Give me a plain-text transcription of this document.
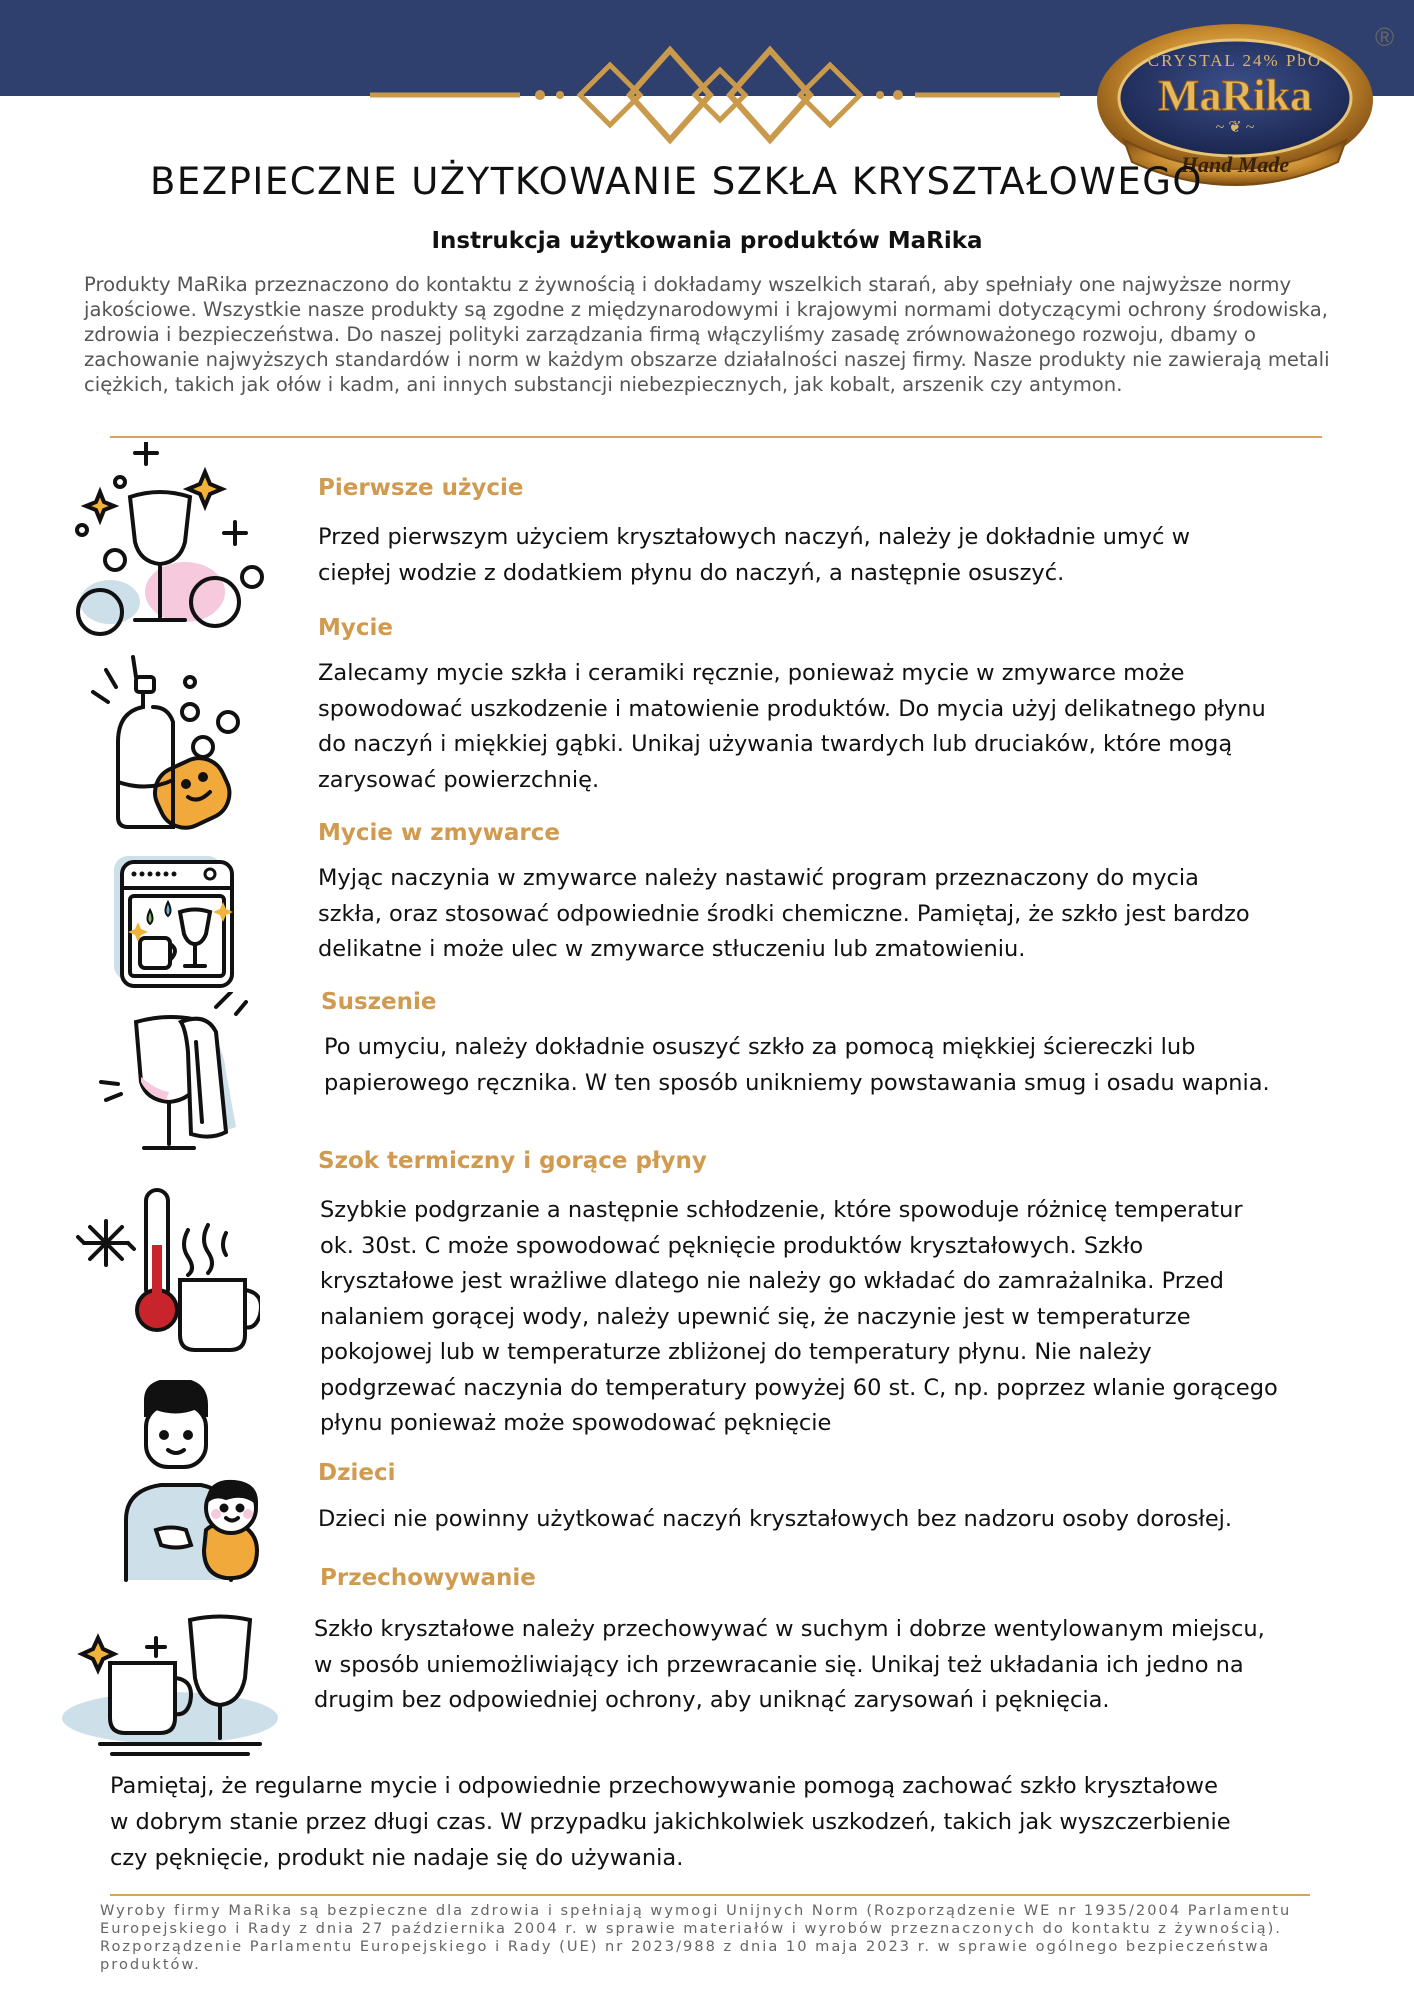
CRYSTAL 24% PbO
MaRika
~ ❦ ~
Hand Made
®
BEZPIECZNE UŻYTKOWANIE SZKŁA KRYSZTAŁOWEGO
Instrukcja użytkowania produktów MaRika
Produkty MaRika przeznaczono do kontaktu z żywnością i dokładamy wszelkich starań, aby spełniały one najwyższe normy jakościowe. Wszystkie nasze produkty są zgodne z międzynarodowymi i krajowymi normami dotyczącymi ochrony środowiska, zdrowia i bezpieczeństwa. Do naszej polityki zarządzania firmą włączyliśmy zasadę zrównoważonego rozwoju, dbamy o zachowanie najwyższych standardów i norm w każdym obszarze działalności naszej firmy. Nasze produkty nie zawierają metali ciężkich, takich jak ołów i kadm, ani innych substancji niebezpiecznych, jak kobalt, arszenik czy antymon.
Pierwsze użycie
Przed pierwszym użyciem kryształowych naczyń, należy je dokładnie umyć w ciepłej wodzie z dodatkiem płynu do naczyń, a następnie osuszyć.
Mycie
Zalecamy mycie szkła i ceramiki ręcznie, ponieważ mycie w zmywarce może spowodować uszkodzenie i matowienie produktów. Do mycia użyj delikatnego płynu do naczyń i miękkiej gąbki. Unikaj używania twardych lub druciaków, które mogą zarysować powierzchnię.
Mycie w zmywarce
Myjąc naczynia w zmywarce należy nastawić program przeznaczony do mycia szkła, oraz stosować odpowiednie środki chemiczne. Pamiętaj, że szkło jest bardzo delikatne i może ulec w zmywarce stłuczeniu lub zmatowieniu.
Suszenie
Po umyciu, należy dokładnie osuszyć szkło za pomocą miękkiej ściereczki lub papierowego ręcznika. W ten sposób unikniemy powstawania smug i osadu wapnia.
Szok termiczny i gorące płyny
Szybkie podgrzanie a następnie schłodzenie, które spowoduje różnicę temperatur ok. 30st. C może spowodować pęknięcie produktów kryształowych. Szkło kryształowe jest wrażliwe dlatego nie należy go wkładać do zamrażalnika. Przed nalaniem gorącej wody, należy upewnić się, że naczynie jest w temperaturze pokojowej lub w temperaturze zbliżonej do temperatury płynu. Nie należy podgrzewać naczynia do temperatury powyżej 60 st. C, np. poprzez wlanie gorącego płynu ponieważ może spowodować pęknięcie
Dzieci
Dzieci nie powinny użytkować naczyń kryształowych bez nadzoru osoby dorosłej.
Przechowywanie
Szkło kryształowe należy przechowywać w suchym i dobrze wentylowanym miejscu, w sposób uniemożliwiający ich przewracanie się. Unikaj też układania ich jedno na drugim bez odpowiedniej ochrony, aby uniknąć zarysowań i pęknięcia.
Pamiętaj, że regularne mycie i odpowiednie przechowywanie pomogą zachować szkło kryształowe w dobrym stanie przez długi czas. W przypadku jakichkolwiek uszkodzeń, takich jak wyszczerbienie czy pęknięcie, produkt nie nadaje się do używania.
Wyroby firmy MaRika są bezpieczne dla zdrowia i spełniają wymogi Unijnych Norm (Rozporządzenie WE nr 1935/2004 Parlamentu Europejskiego i Rady z dnia 27 października 2004 r. w sprawie materiałów i wyrobów przeznaczonych do kontaktu z żywnością). Rozporządzenie Parlamentu Europejskiego i Rady (UE) nr 2023/988 z dnia 10 maja 2023 r. w sprawie ogólnego bezpieczeństwa produktów.
